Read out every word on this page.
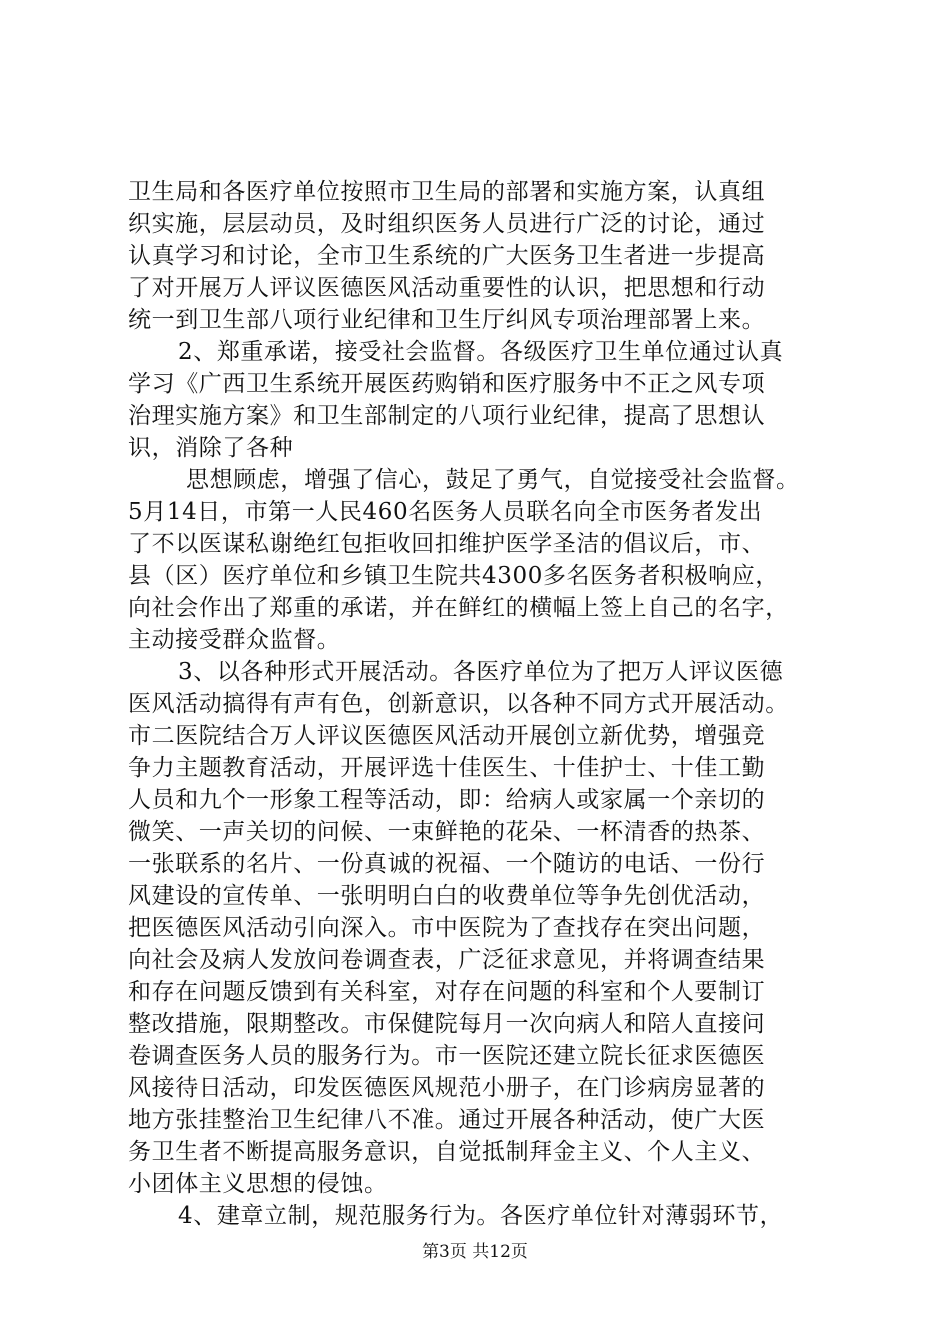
卫生局和各医疗单位按照市卫生局的部署和实施方案，认真组
织实施，层层动员，及时组织医务人员进行广泛的讨论，通过
认真学习和讨论，全市卫生系统的广大医务卫生者进一步提高
了对开展万人评议医德医风活动重要性的认识，把思想和行动
统一到卫生部八项行业纪律和卫生厅纠风专项治理部署上来。
2、郑重承诺，接受社会监督。各级医疗卫生单位通过认真
学习《广西卫生系统开展医药购销和医疗服务中不正之风专项
治理实施方案》和卫生部制定的八项行业纪律，提高了思想认
识，消除了各种
思想顾虑，增强了信心，鼓足了勇气，自觉接受社会监督。
5月14日，市第一人民460名医务人员联名向全市医务者发出
了不以医谋私谢绝红包拒收回扣维护医学圣洁的倡议后，市、
县（区）医疗单位和乡镇卫生院共4300多名医务者积极响应，
向社会作出了郑重的承诺，并在鲜红的横幅上签上自己的名字，
主动接受群众监督。
3、以各种形式开展活动。各医疗单位为了把万人评议医德
医风活动搞得有声有色，创新意识，以各种不同方式开展活动。
市二医院结合万人评议医德医风活动开展创立新优势，增强竞
争力主题教育活动，开展评选十佳医生、十佳护士、十佳工勤
人员和九个一形象工程等活动，即：给病人或家属一个亲切的
微笑、一声关切的问候、一束鲜艳的花朵、一杯清香的热茶、
一张联系的名片、一份真诚的祝福、一个随访的电话、一份行
风建设的宣传单、一张明明白白的收费单位等争先创优活动，
把医德医风活动引向深入。市中医院为了查找存在突出问题，
向社会及病人发放问卷调查表，广泛征求意见，并将调查结果
和存在问题反馈到有关科室，对存在问题的科室和个人要制订
整改措施，限期整改。市保健院每月一次向病人和陪人直接问
卷调查医务人员的服务行为。市一医院还建立院长征求医德医
风接待日活动，印发医德医风规范小册子，在门诊病房显著的
地方张挂整治卫生纪律八不准。通过开展各种活动，使广大医
务卫生者不断提高服务意识，自觉抵制拜金主义、个人主义、
小团体主义思想的侵蚀。
4、建章立制，规范服务行为。各医疗单位针对薄弱环节，
第3页 共12页
